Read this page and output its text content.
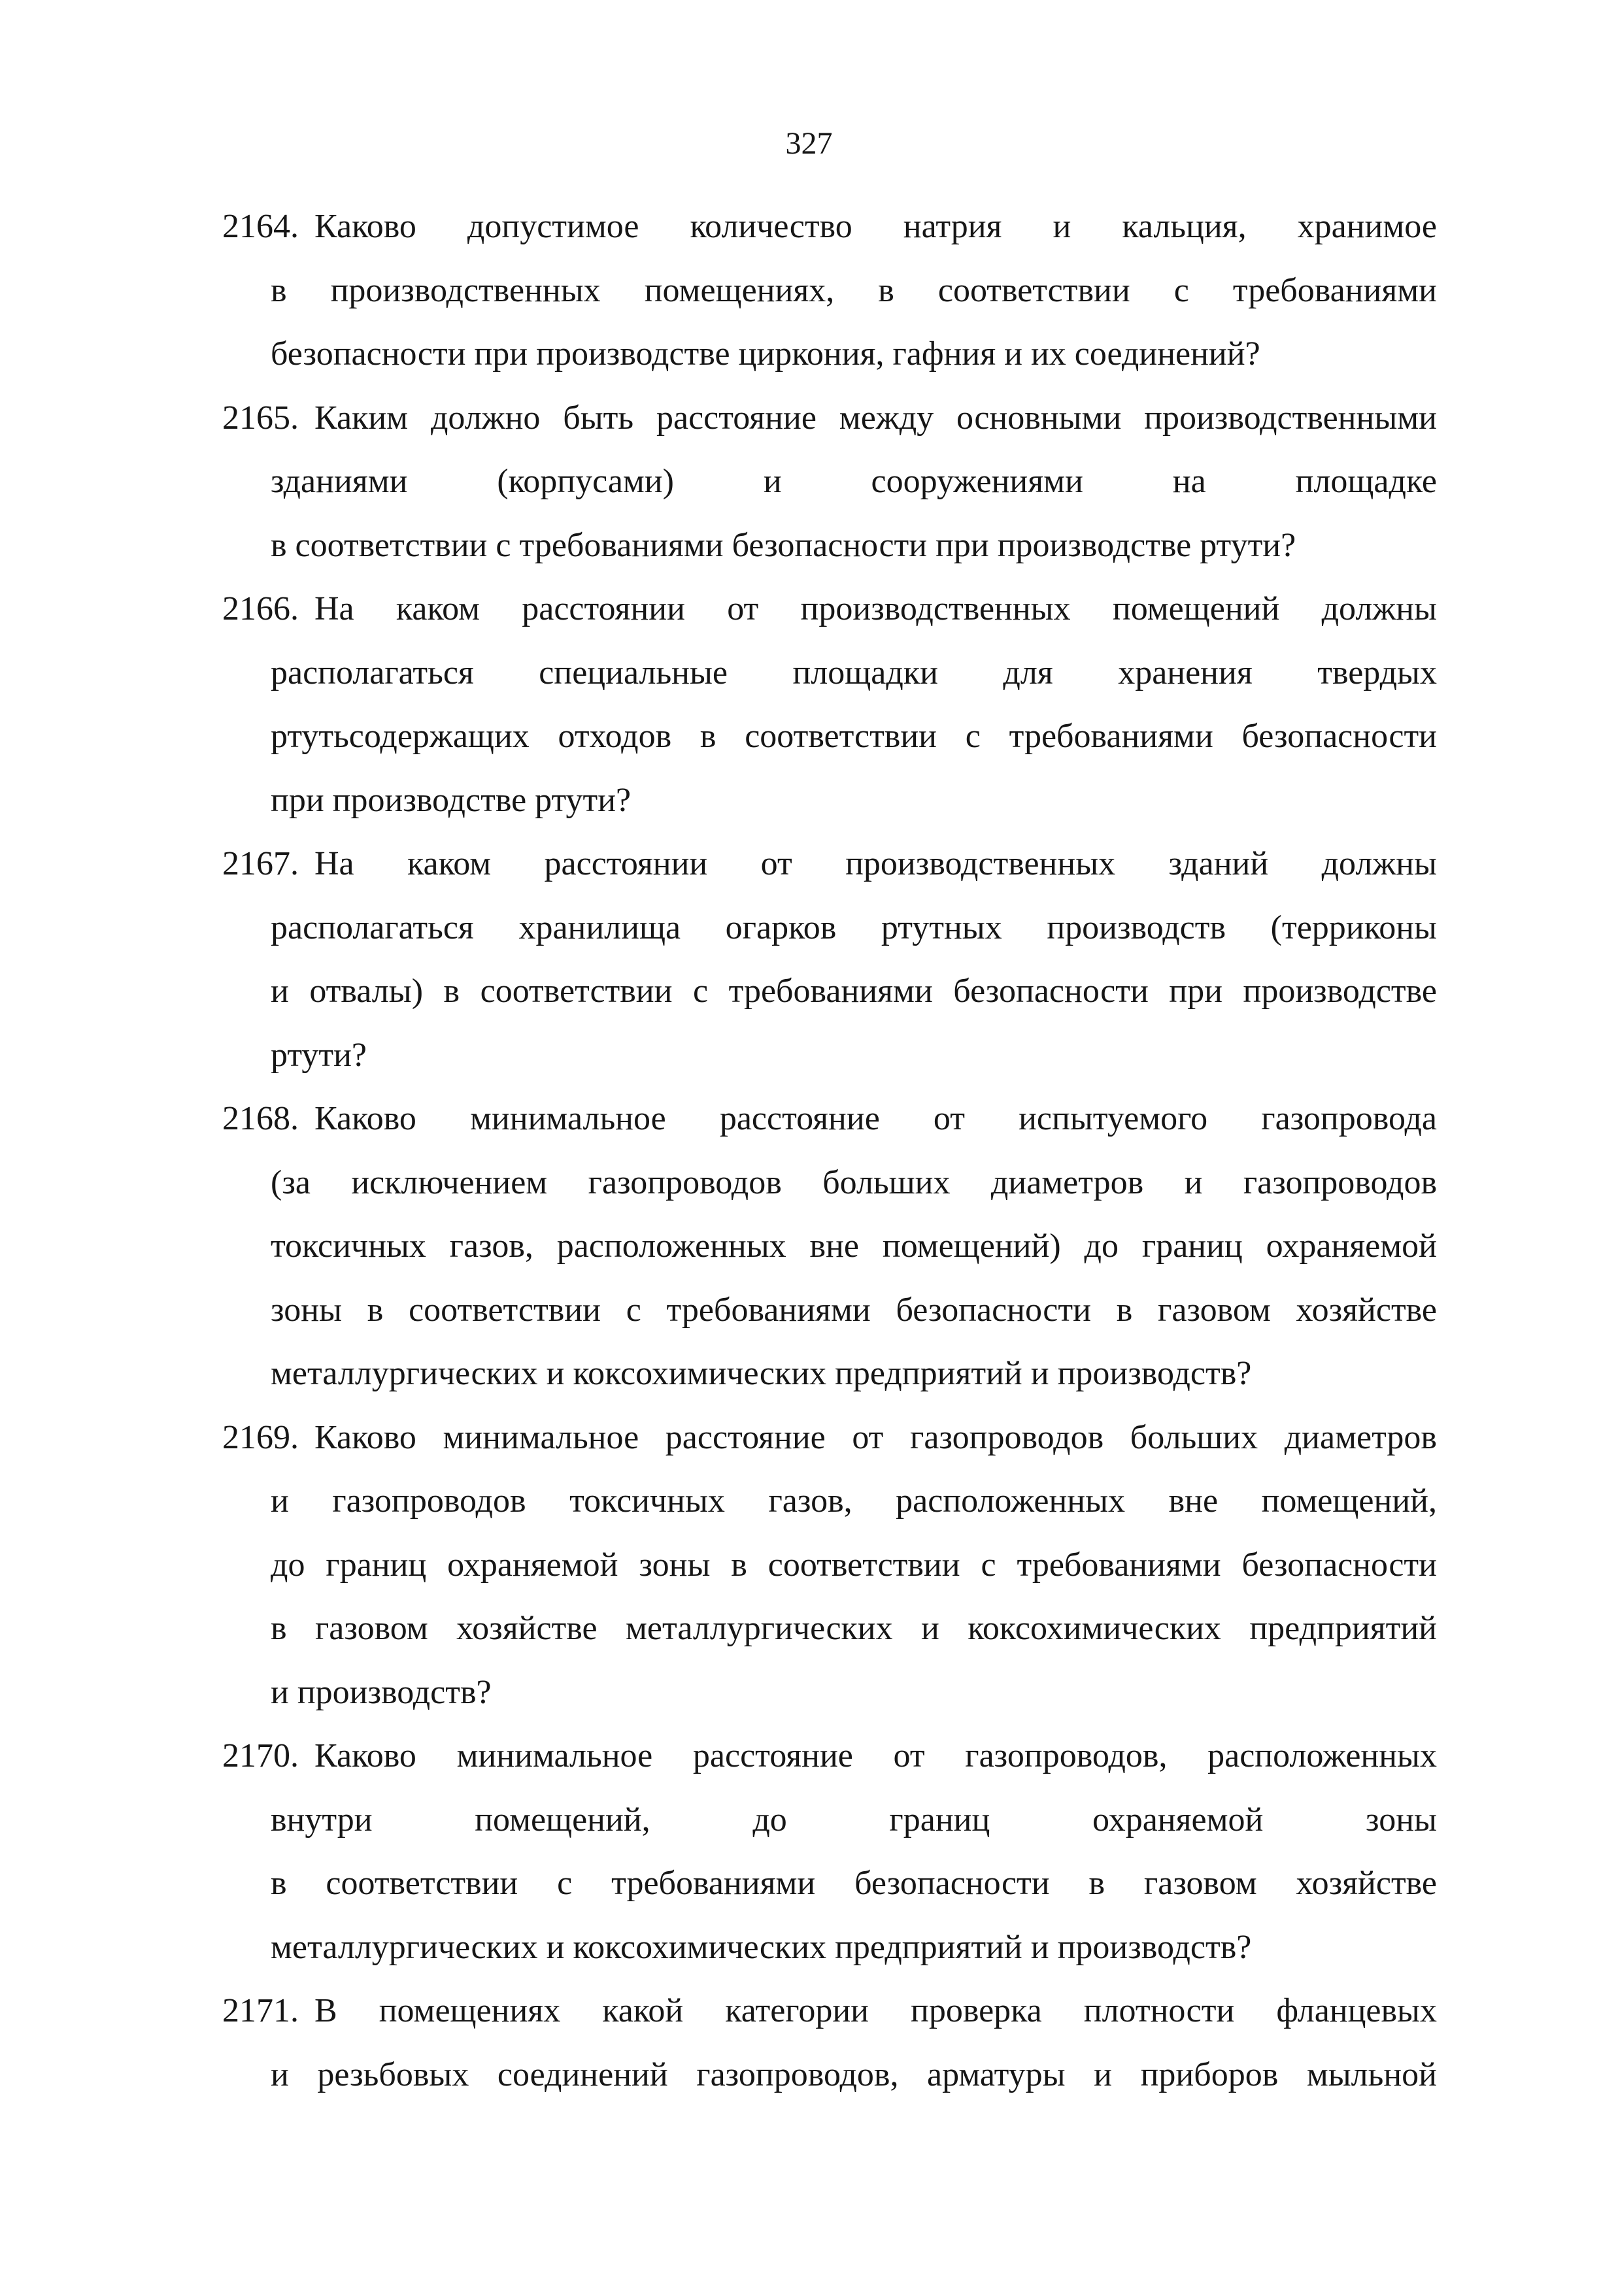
327
2164. Каково допустимое количество натрия и кальция, хранимое
в производственных помещениях, в соответствии с требованиями
безопасности при производстве циркония, гафния и их соединений?
2165. Каким должно быть расстояние между основными производственными
зданиями (корпусами) и сооружениями на площадке
в соответствии с требованиями безопасности при производстве ртути?
2166. На каком расстоянии от производственных помещений должны
располагаться специальные площадки для хранения твердых
ртутьсодержащих отходов в соответствии с требованиями безопасности
при производстве ртути?
2167. На каком расстоянии от производственных зданий должны
располагаться хранилища огарков ртутных производств (терриконы
и отвалы) в соответствии с требованиями безопасности при производстве
ртути?
2168. Каково минимальное расстояние от испытуемого газопровода
(за исключением газопроводов больших диаметров и газопроводов
токсичных газов, расположенных вне помещений) до границ охраняемой
зоны в соответствии с требованиями безопасности в газовом хозяйстве
металлургических и коксохимических предприятий и производств?
2169. Каково минимальное расстояние от газопроводов больших диаметров
и газопроводов токсичных газов, расположенных вне помещений,
до границ охраняемой зоны в соответствии с требованиями безопасности
в газовом хозяйстве металлургических и коксохимических предприятий
и производств?
2170. Каково минимальное расстояние от газопроводов, расположенных
внутри помещений, до границ охраняемой зоны
в соответствии с требованиями безопасности в газовом хозяйстве
металлургических и коксохимических предприятий и производств?
2171. В помещениях какой категории проверка плотности фланцевых
и резьбовых соединений газопроводов, арматуры и приборов мыльной
